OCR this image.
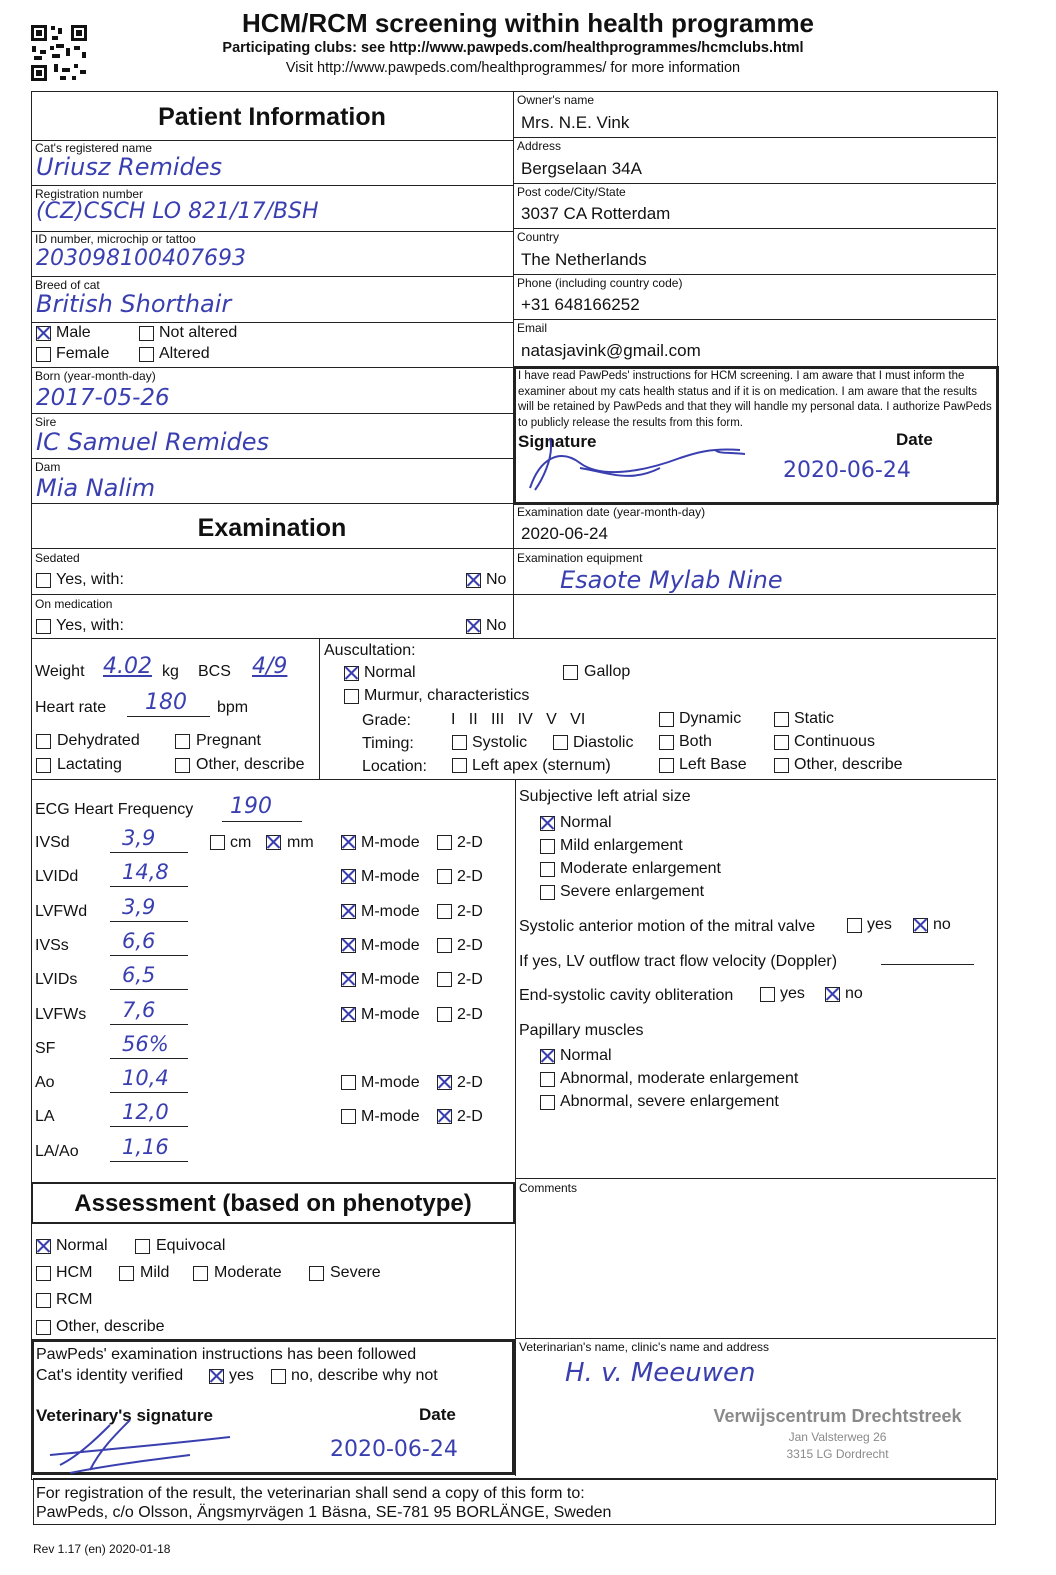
HCM/RCM screening within health programme
Participating clubs: see http://www.pawpeds.com/healthprogrammes/hcmclubs.html
Visit http://www.pawpeds.com/healthprogrammes/ for more information
Patient Information
Cat's registered name
Uriusz Remides
Registration number
(CZ)CSCH LO 821/17/BSH
ID number, microchip or tattoo
203098100407693
Breed of cat
British Shorthair
Male	Not altered
Female	Altered
Born (year-month-day)
2017-05-26
Sire
IC Samuel Remides
Dam
Mia Nalim
Owner's name
Mrs. N.E. Vink
Address
Bergselaan 34A
Post code/City/State
3037 CA Rotterdam
Country
The Netherlands
Phone (including country code)
+31 648166252
Email
natasjavink@gmail.com
I have read PawPeds' instructions for HCM screening. I am aware that I must inform the examiner about my cats health status and if it is on medication. I am aware that the results will be retained by PawPeds and that they will handle my personal data. I authorize PawPeds to publicly release the results from this form.
Signature	Date
2020-06-24
Examination
Examination date (year-month-day)
2020-06-24
Sedated
Yes, with:	No
Examination equipment
Esaote Mylab Nine
On medication
Yes, with:	No
Weight 4.02 kg BCS 4/9
Heart rate 180 bpm
Dehydrated	Pregnant
Lactating	Other, describe
Auscultation:
Normal	Gallop
Murmur, characteristics
Grade:	I   II   III   IV   V   VI	Dynamic	Static
Timing:	Systolic	Diastolic	Both	Continuous
Location:	Left apex (sternum)	Left Base	Other, describe
ECG Heart Frequency 190
cm mm
IVSd 3,9	M-mode 2-D
LVIDd 14,8	M-mode 2-D
LVFWd 3,9	M-mode 2-D
IVSs	6,6	M-mode 2-D
LVIDs 6,5	M-mode 2-D
LVFWs 7,6	M-mode 2-D
SF	56%
Ao	10,4	M-mode 2-D
LA	12,0	M-mode 2-D
LA/Ao 1,16
Subjective left atrial size
Normal
Mild enlargement
Moderate enlargement
Severe enlargement
Systolic anterior motion of the mitral valve	yes	no
If yes, LV outflow tract flow velocity (Doppler)
End-systolic cavity obliteration	yes	no
Papillary muscles
Normal
Abnormal, moderate enlargement
Abnormal, severe enlargement
Assessment (based on phenotype)
Comments
Normal	Equivocal
HCM	Mild	Moderate	Severe
RCM
Other, describe
PawPeds' examination instructions has been followed
Cat's identity verified	yes no, describe why not
Veterinary's signature	Date
2020-06-24
Veterinarian's name, clinic's name and address
H. v. Meeuwen
Verwijscentrum Drechtstreek
Jan Valsterweg 26
3315 LG Dordrecht
For registration of the result, the veterinarian shall send a copy of this form to:
PawPeds, c/o Olsson, Ängsmyrvägen 1 Bäsna, SE-781 95 BORLÄNGE, Sweden
Rev 1.17 (en) 2020-01-18
